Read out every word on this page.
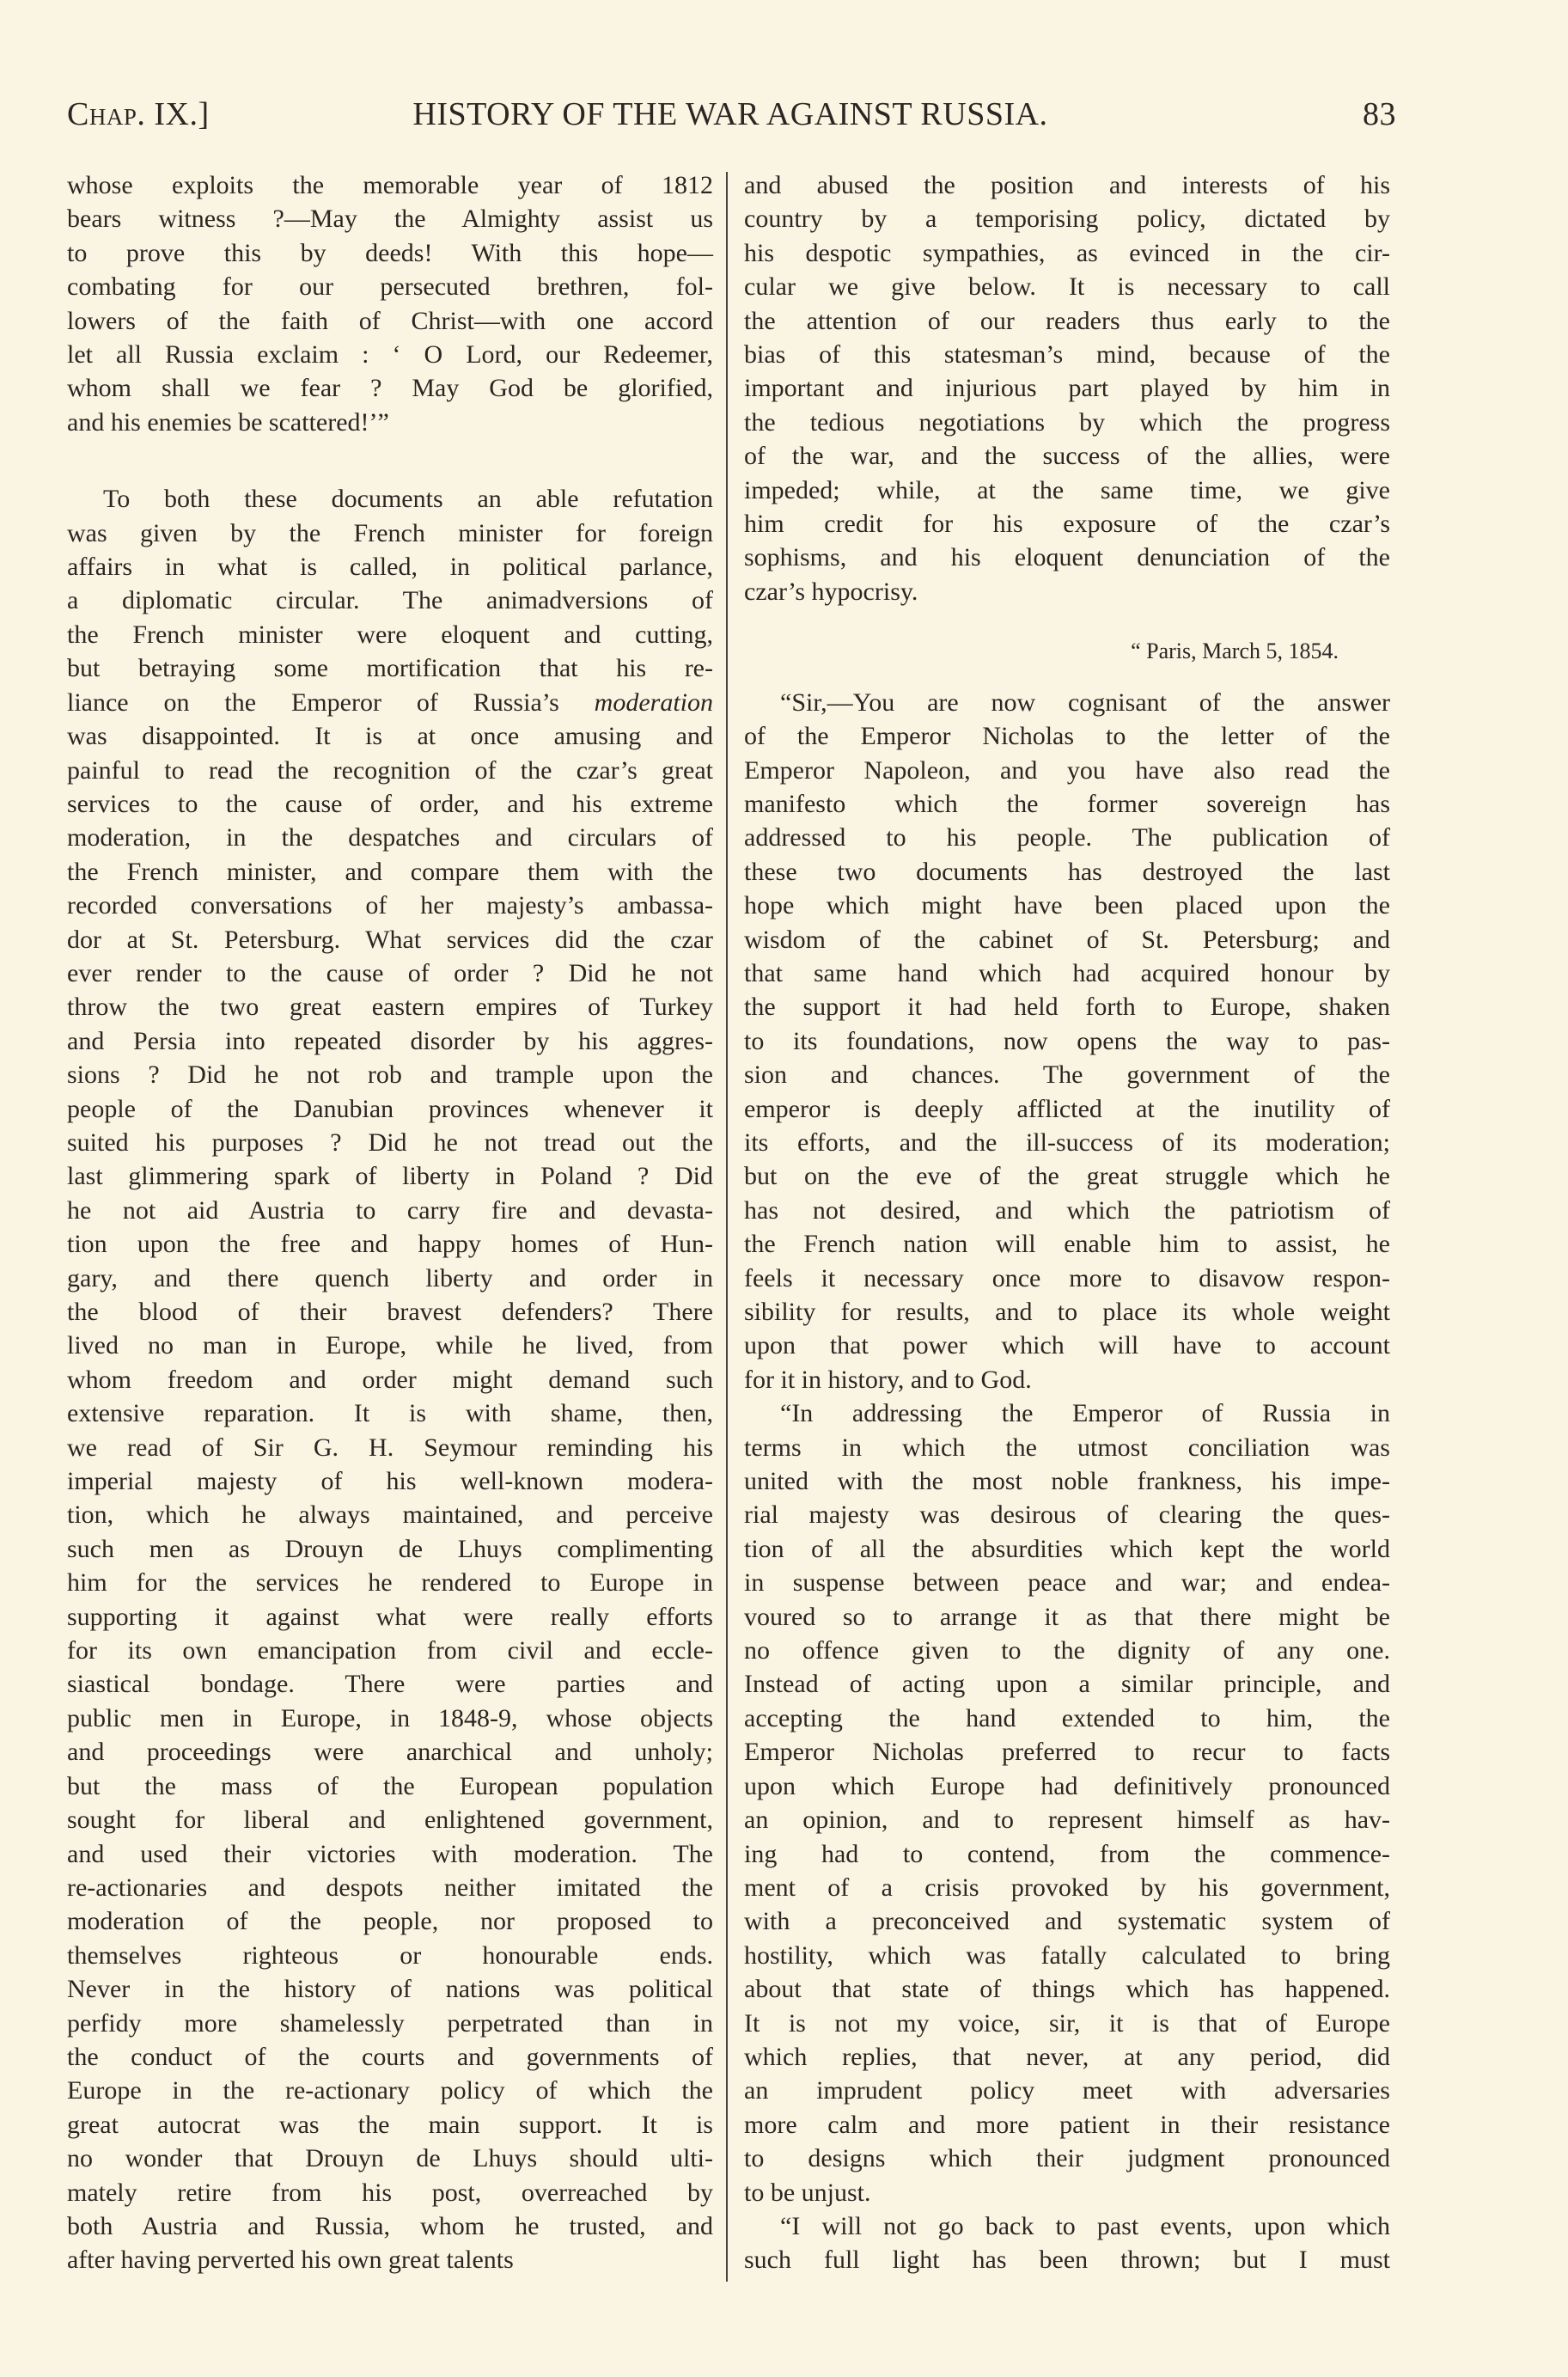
Chap. IX.]	HISTORY OF THE WAR AGAINST RUSSIA.	83
whose exploits the memorable year of 1812
bears witness ?—May the Almighty assist us
to prove this by deeds! With this hope—
combating for our persecuted brethren, fol-
lowers of the faith of Christ—with one accord
let all Russia exclaim : ‘ O Lord, our Redeemer,
whom shall we fear ? May God be glorified,
and his enemies be scattered!’”
To both these documents an able refutation
was given by the French minister for foreign
affairs in what is called, in political parlance,
a diplomatic circular. The animadversions of
the French minister were eloquent and cutting,
but betraying some mortification that his re-
liance on the Emperor of Russia’s moderation
was disappointed. It is at once amusing and
painful to read the recognition of the czar’s great
services to the cause of order, and his extreme
moderation, in the despatches and circulars of
the French minister, and compare them with the
recorded conversations of her majesty’s ambassa-
dor at St. Petersburg. What services did the czar
ever render to the cause of order ? Did he not
throw the two great eastern empires of Turkey
and Persia into repeated disorder by his aggres-
sions ? Did he not rob and trample upon the
people of the Danubian provinces whenever it
suited his purposes ? Did he not tread out the
last glimmering spark of liberty in Poland ? Did
he not aid Austria to carry fire and devasta-
tion upon the free and happy homes of Hun-
gary, and there quench liberty and order in
the blood of their bravest defenders? There
lived no man in Europe, while he lived, from
whom freedom and order might demand such
extensive reparation. It is with shame, then,
we read of Sir G. H. Seymour reminding his
imperial majesty of his well-known modera-
tion, which he always maintained, and perceive
such men as Drouyn de Lhuys complimenting
him for the services he rendered to Europe in
supporting it against what were really efforts
for its own emancipation from civil and eccle-
siastical bondage. There were parties and
public men in Europe, in 1848-9, whose objects
and proceedings were anarchical and unholy;
but the mass of the European population
sought for liberal and enlightened government,
and used their victories with moderation. The
re-actionaries and despots neither imitated the
moderation of the people, nor proposed to
themselves righteous or honourable ends.
Never in the history of nations was political
perfidy more shamelessly perpetrated than in
the conduct of the courts and governments of
Europe in the re-actionary policy of which the
great autocrat was the main support. It is
no wonder that Drouyn de Lhuys should ulti-
mately retire from his post, overreached by
both Austria and Russia, whom he trusted, and
after having perverted his own great talents
and abused the position and interests of his
country by a temporising policy, dictated by
his despotic sympathies, as evinced in the cir-
cular we give below. It is necessary to call
the attention of our readers thus early to the
bias of this statesman’s mind, because of the
important and injurious part played by him in
the tedious negotiations by which the progress
of the war, and the success of the allies, were
impeded; while, at the same time, we give
him credit for his exposure of the czar’s
sophisms, and his eloquent denunciation of the
czar’s hypocrisy.
“ Paris, March 5, 1854.
“Sir,—You are now cognisant of the answer
of the Emperor Nicholas to the letter of the
Emperor Napoleon, and you have also read the
manifesto which the former sovereign has
addressed to his people. The publication of
these two documents has destroyed the last
hope which might have been placed upon the
wisdom of the cabinet of St. Petersburg; and
that same hand which had acquired honour by
the support it had held forth to Europe, shaken
to its foundations, now opens the way to pas-
sion and chances. The government of the
emperor is deeply afflicted at the inutility of
its efforts, and the ill-success of its moderation;
but on the eve of the great struggle which he
has not desired, and which the patriotism of
the French nation will enable him to assist, he
feels it necessary once more to disavow respon-
sibility for results, and to place its whole weight
upon that power which will have to account
for it in history, and to God.
“In addressing the Emperor of Russia in
terms in which the utmost conciliation was
united with the most noble frankness, his impe-
rial majesty was desirous of clearing the ques-
tion of all the absurdities which kept the world
in suspense between peace and war; and endea-
voured so to arrange it as that there might be
no offence given to the dignity of any one.
Instead of acting upon a similar principle, and
accepting the hand extended to him, the
Emperor Nicholas preferred to recur to facts
upon which Europe had definitively pronounced
an opinion, and to represent himself as hav-
ing had to contend, from the commence-
ment of a crisis provoked by his government,
with a preconceived and systematic system of
hostility, which was fatally calculated to bring
about that state of things which has happened.
It is not my voice, sir, it is that of Europe
which replies, that never, at any period, did
an imprudent policy meet with adversaries
more calm and more patient in their resistance
to designs which their judgment pronounced
to be unjust.
“I will not go back to past events, upon which
such full light has been thrown; but I must
